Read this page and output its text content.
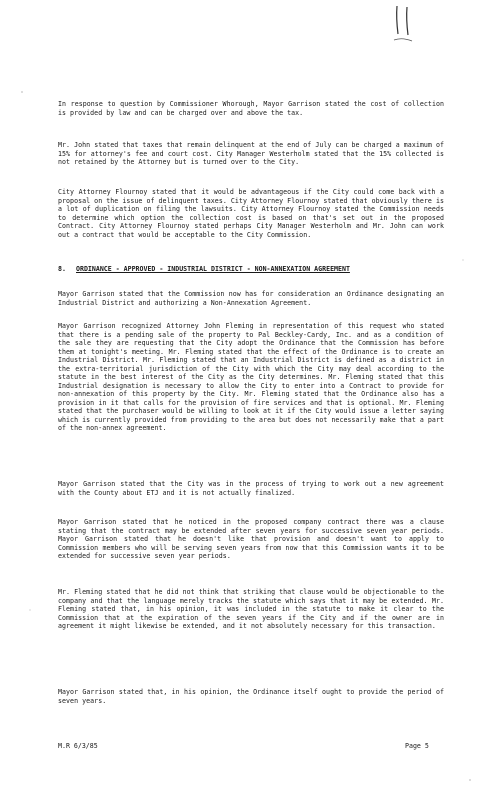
In response to question by Commissioner Whorough, Mayor Garrison stated the cost of collection is provided by law and can be charged over and above the tax.

Mr. John stated that taxes that remain delinquent at the end of July can be charged a maximum of 15% for attorney's fee and court cost. City Manager Westerholm stated that the 15% collected is not retained by the Attorney but is turned over to the City.

City Attorney Flournoy stated that it would be advantageous if the City could come back with a proposal on the issue of delinquent taxes. City Attorney Flournoy stated that obviously there is a lot of duplication on filing the lawsuits. City Attorney Flournoy stated the Commission needs to determine which option the collection cost is based on that's set out in the proposed Contract. City Attorney Flournoy stated perhaps City Manager Westerholm and Mr. John can work out a contract that would be acceptable to the City Commission.

8. ORDINANCE - APPROVED - INDUSTRIAL DISTRICT - NON-ANNEXATION AGREEMENT

Mayor Garrison stated that the Commission now has for consideration an Ordinance designating an Industrial District and authorizing a Non-Annexation Agreement.

Mayor Garrison recognized Attorney John Fleming in representation of this request who stated that there is a pending sale of the property to Pal Beckley-Cardy, Inc. and as a condition of the sale they are requesting that the City adopt the Ordinance that the Commission has before them at tonight's meeting. Mr. Fleming stated that the effect of the Ordinance is to create an Industrial District. Mr. Fleming stated that an Industrial District is defined as a district in the extra-territorial jurisdiction of the City with which the City may deal according to the statute in the best interest of the City as the City determines. Mr. Fleming stated that this Industrial designation is necessary to allow the City to enter into a Contract to provide for non-annexation of this property by the City. Mr. Fleming stated that the Ordinance also has a provision in it that calls for the provision of fire services and that is optional. Mr. Fleming stated that the purchaser would be willing to look at it if the City would issue a letter saying which is currently provided from providing to the area but does not necessarily make that a part of the non-annex agreement.

Mayor Garrison stated that the City was in the process of trying to work out a new agreement with the County about ETJ and it is not actually finalized.

Mayor Garrison stated that he noticed in the proposed company contract there was a clause stating that the contract may be extended after seven years for successive seven year periods. Mayor Garrison stated that he doesn't like that provision and doesn't want to apply to Commission members who will be serving seven years from now that this Commission wants it to be extended for successive seven year periods.

Mr. Fleming stated that he did not think that striking that clause would be objectionable to the company and that the language merely tracks the statute which says that it may be extended. Mr. Fleming stated that, in his opinion, it was included in the statute to make it clear to the Commission that at the expiration of the seven years if the City and if the owner are in agreement it might likewise be extended, and it not absolutely necessary for this transaction.

Mayor Garrison stated that, in his opinion, the Ordinance itself ought to provide the period of seven years.

M.R 6/3/85	Page 5
